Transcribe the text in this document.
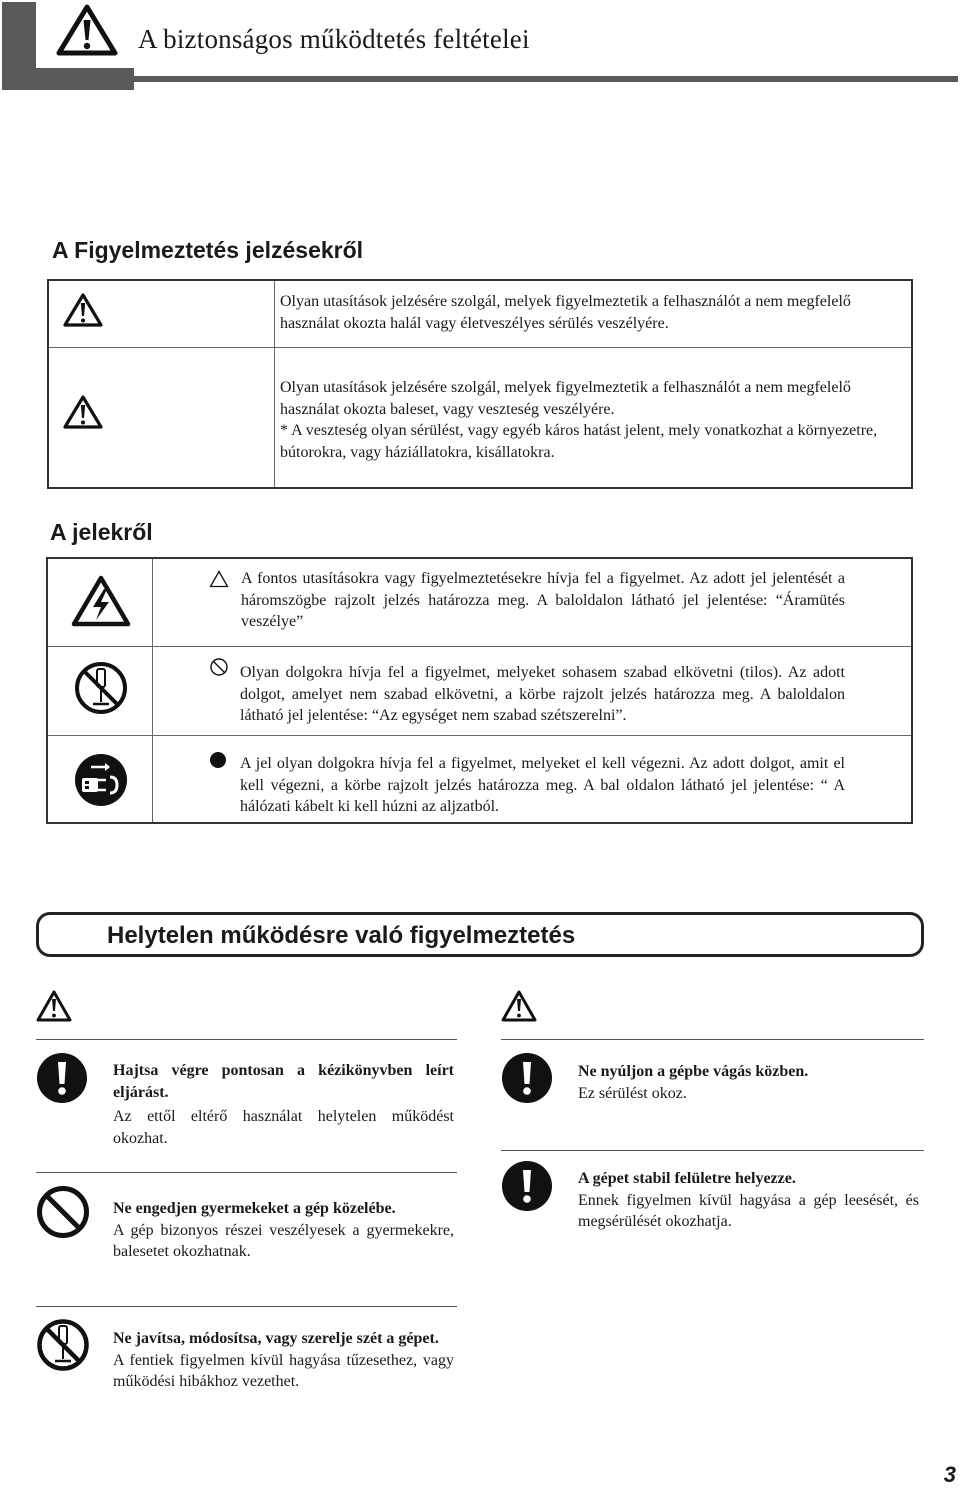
A biztonságos működtetés feltételei
A Figyelmeztetés jelzésekről
Olyan utasítások jelzésére szolgál, melyek figyelmeztetik a felhasználót a nem megfelelő használat okozta halál vagy életveszélyes sérülés veszélyére.
Olyan utasítások jelzésére szolgál, melyek figyelmeztetik a felhasználót a nem megfelelő használat okozta baleset, vagy veszteség veszélyére.
* A veszteség olyan sérülést, vagy egyéb káros hatást jelent, mely vonatkozhat a környezetre, bútorokra, vagy háziállatokra, kisállatokra.
A jelekről
A fontos utasításokra vagy figyelmeztetésekre hívja fel a figyelmet. Az adott jel jelentését a háromszögbe rajzolt jelzés határozza meg. A baloldalon látható jel jelentése: “Áramütés veszélye”
Olyan dolgokra hívja fel a figyelmet, melyeket sohasem szabad elkövetni (tilos). Az adott dolgot, amelyet nem szabad elkövetni, a körbe rajzolt jelzés határozza meg. A baloldalon látható jel jelentése: “Az egységet nem szabad szétszerelni”.
A jel olyan dolgokra hívja fel a figyelmet, melyeket el kell végezni. Az adott dolgot, amit el kell végezni, a körbe rajzolt jelzés határozza meg. A bal oldalon látható jel jelentése: “ A hálózati kábelt ki kell húzni az aljzatból.
Helytelen működésre való figyelmeztetés
Hajtsa végre pontosan a kézikönyvben leírt eljárást.
Az ettől eltérő használat helytelen működést okozhat.
Ne engedjen gyermekeket a gép közelébe.
A gép bizonyos részei veszélyesek a gyermekekre, balesetet okozhatnak.
Ne javítsa, módosítsa, vagy szerelje szét a gépet.
A fentiek figyelmen kívül hagyása tűzesethez, vagy működési hibákhoz vezethet.
Ne nyúljon a gépbe vágás közben.
Ez sérülést okoz.
A gépet stabil felületre helyezze.
Ennek figyelmen kívül hagyása a gép leesését, és megsérülését okozhatja.
3
